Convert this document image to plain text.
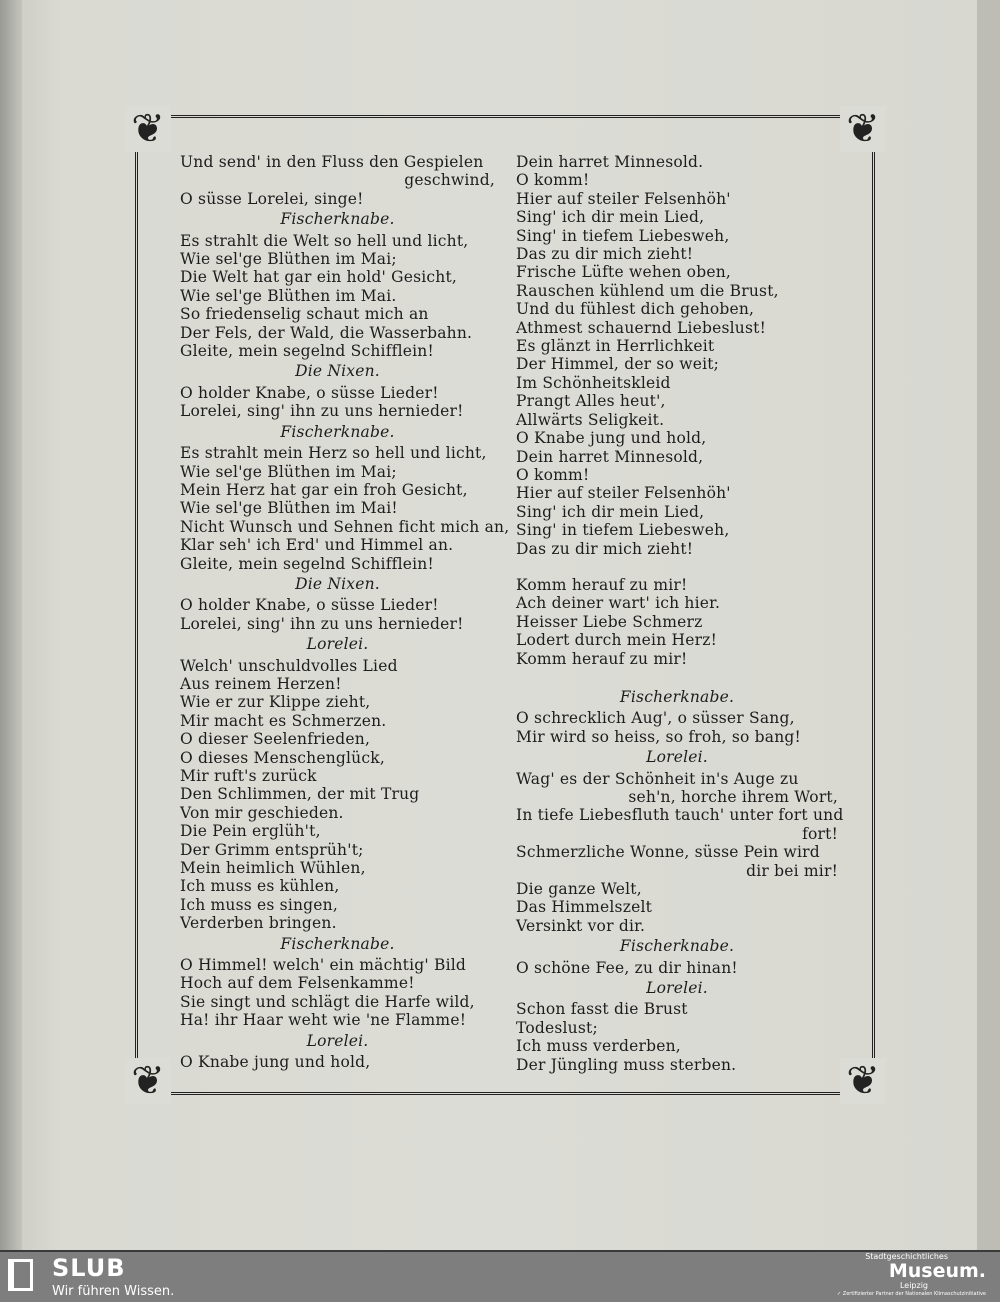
❦	❦
❦	❦
Und send' in den Fluss den Gespielen
geschwind,
O süsse Lorelei, singe!
Fischerknabe.
Es strahlt die Welt so hell und licht,
Wie sel'ge Blüthen im Mai;
Die Welt hat gar ein hold' Gesicht,
Wie sel'ge Blüthen im Mai.
So friedenselig schaut mich an
Der Fels, der Wald, die Wasserbahn.
Gleite, mein segelnd Schifflein!
Die Nixen.
O holder Knabe, o süsse Lieder!
Lorelei, sing' ihn zu uns hernieder!
Fischerknabe.
Es strahlt mein Herz so hell und licht,
Wie sel'ge Blüthen im Mai;
Mein Herz hat gar ein froh Gesicht,
Wie sel'ge Blüthen im Mai!
Nicht Wunsch und Sehnen ficht mich an,
Klar seh' ich Erd' und Himmel an.
Gleite, mein segelnd Schifflein!
Die Nixen.
O holder Knabe, o süsse Lieder!
Lorelei, sing' ihn zu uns hernieder!
Lorelei.
Welch' unschuldvolles Lied
Aus reinem Herzen!
Wie er zur Klippe zieht,
Mir macht es Schmerzen.
O dieser Seelenfrieden,
O dieses Menschenglück,
Mir ruft's zurück
Den Schlimmen, der mit Trug
Von mir geschieden.
Die Pein erglüh't,
Der Grimm entsprüh't;
Mein heimlich Wühlen,
Ich muss es kühlen,
Ich muss es singen,
Verderben bringen.
Fischerknabe.
O Himmel! welch' ein mächtig' Bild
Hoch auf dem Felsenkamme!
Sie singt und schlägt die Harfe wild,
Ha! ihr Haar weht wie 'ne Flamme!
Lorelei.
O Knabe jung und hold,
Dein harret Minnesold.
O komm!
Hier auf steiler Felsenhöh'
Sing' ich dir mein Lied,
Sing' in tiefem Liebesweh,
Das zu dir mich zieht!
Frische Lüfte wehen oben,
Rauschen kühlend um die Brust,
Und du fühlest dich gehoben,
Athmest schauernd Liebeslust!
Es glänzt in Herrlichkeit
Der Himmel, der so weit;
Im Schönheitskleid
Prangt Alles heut',
Allwärts Seligkeit.
O Knabe jung und hold,
Dein harret Minnesold,
O komm!
Hier auf steiler Felsenhöh'
Sing' ich dir mein Lied,
Sing' in tiefem Liebesweh,
Das zu dir mich zieht!
Komm herauf zu mir!
Ach deiner wart' ich hier.
Heisser Liebe Schmerz
Lodert durch mein Herz!
Komm herauf zu mir!
Fischerknabe.
O schrecklich Aug', o süsser Sang,
Mir wird so heiss, so froh, so bang!
Lorelei.
Wag' es der Schönheit in's Auge zu
seh'n, horche ihrem Wort,
In tiefe Liebesfluth tauch' unter fort und
fort!
Schmerzliche Wonne, süsse Pein wird
dir bei mir!
Die ganze Welt,
Das Himmelszelt
Versinkt vor dir.
Fischerknabe.
O schöne Fee, zu dir hinan!
Lorelei.
Schon fasst die Brust
Todeslust;
Ich muss verderben,
Der Jüngling muss sterben.
SLUB
Wir führen Wissen.
Stadtgeschichtliches
Museum.
Leipzig
✓ Zertifizierter Partner der Nationalen Klimaschutzinitiative
